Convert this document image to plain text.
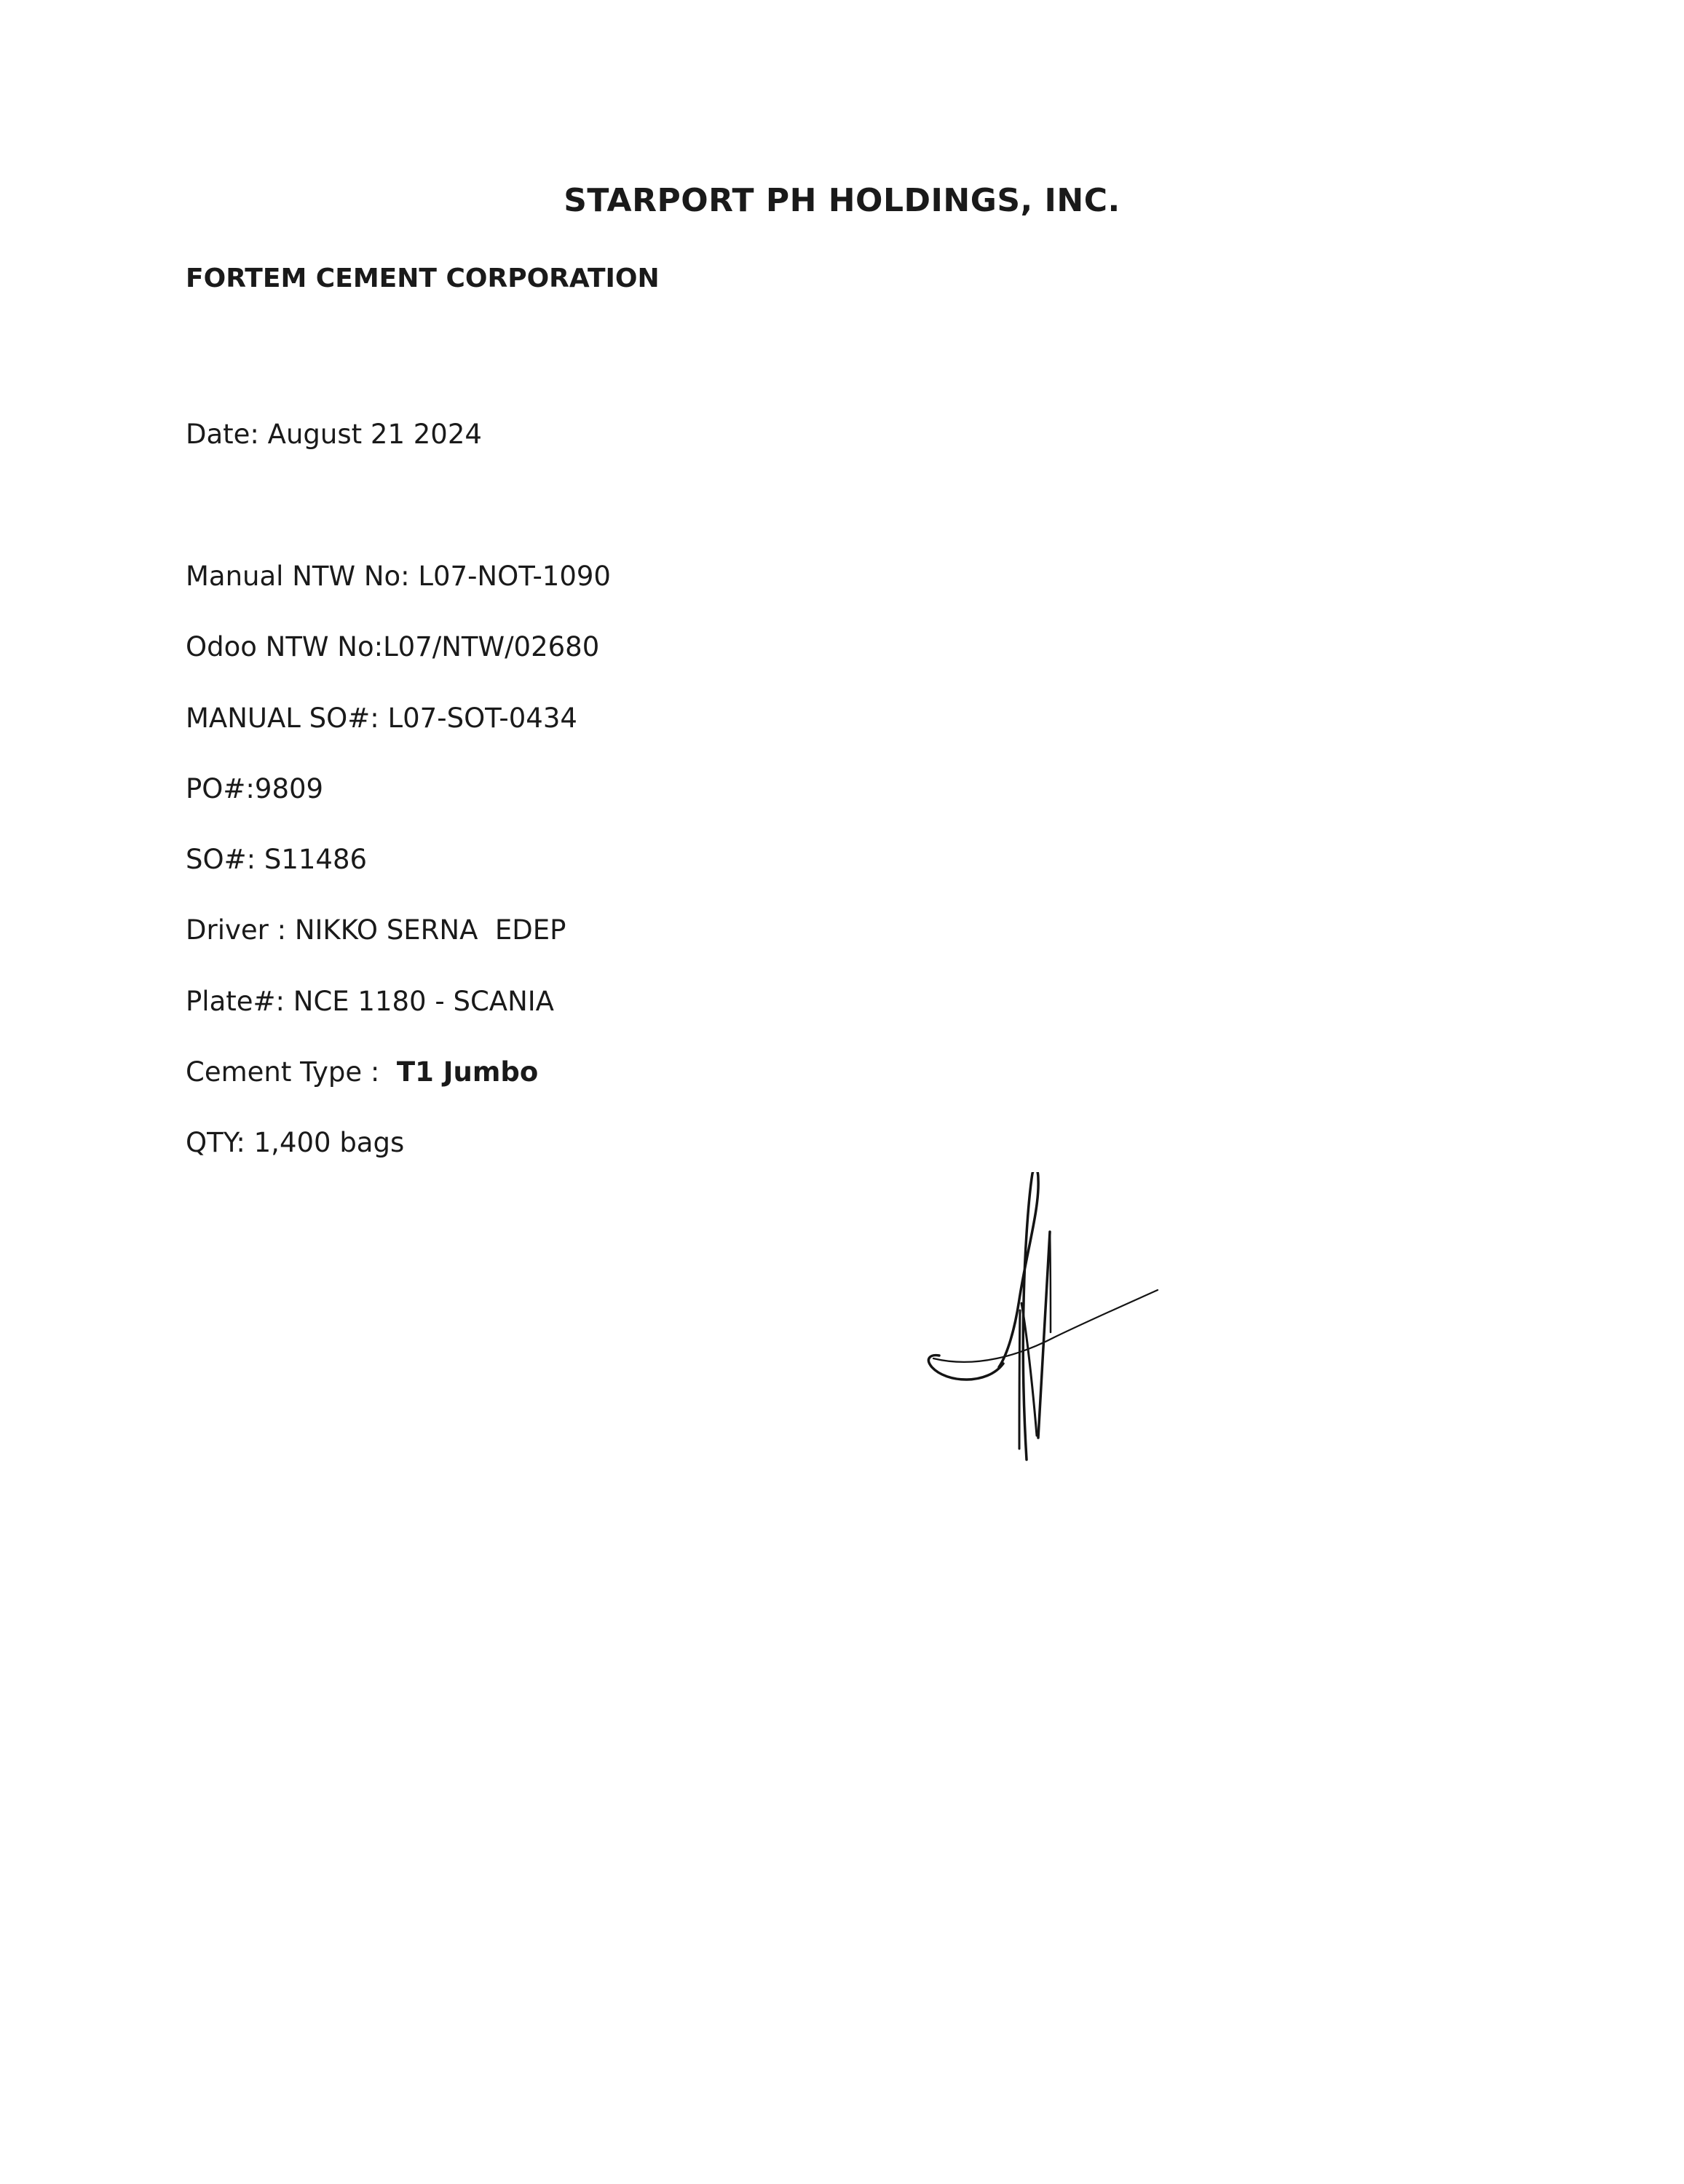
STARPORT PH HOLDINGS, INC.
FORTEM CEMENT CORPORATION
Date: August 21 2024
Manual NTW No: L07-NOT-1090
Odoo NTW No:L07/NTW/02680
MANUAL SO#: L07-SOT-0434
PO#:9809
SO#: S11486
Driver : NIKKO SERNA  EDEP
Plate#: NCE 1180 - SCANIA
Cement Type :  T1 Jumbo
QTY: 1,400 bags
